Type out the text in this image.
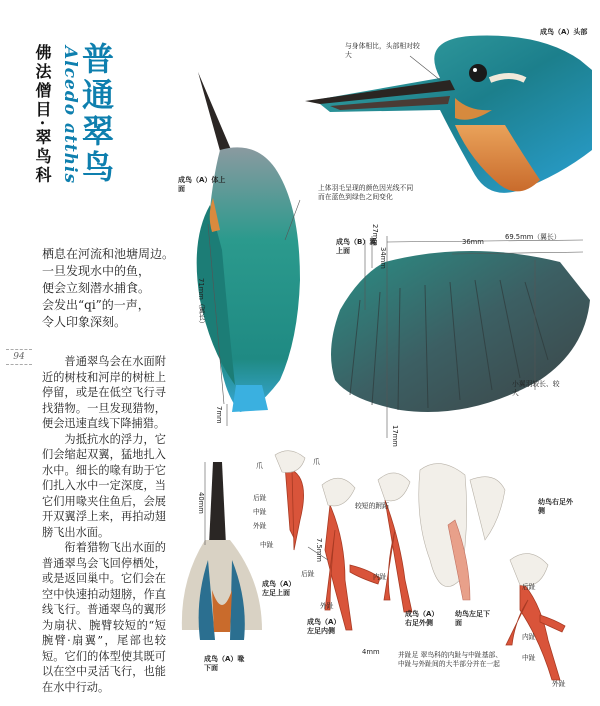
普通翠鸟
Alcedo atthis
佛法僧目·翠鸟科
栖息在河流和池塘周边。
一旦发现水中的鱼，
便会立刻潜水捕食。
会发出“qi”的一声，
令人印象深刻。
94	普通翠鸟会在水面附近的树枝和河岸的树桩上停留，或是在低空飞行寻找猎物。一旦发现猎物，便会迅速直线下降捕猎。

为抵抗水的浮力，它们会缩起双翼，猛地扎入水中。细长的喙有助于它们扎入水中一定深度，当它们用喙夹住鱼后，会展开双翼浮上来，再拍动翅膀飞出水面。

衔着猎物飞出水面的普通翠鸟会飞回停栖处，或是返回巢中。它们会在空中快速拍动翅膀，作直线飞行。普通翠鸟的翼形为扇状、腕臂较短的“短腕臂·扇翼”，尾部也较短。它们的体型使其既可以在空中灵活飞行，也能在水中行动。

成鸟（A）头部
与身体相比，头部相对较大
成鸟（A）体上面	上体羽毛呈现的颜色因光线不同而在蓝色到绿色之间变化
成鸟（B）翼上面
69.5mm（翼长）
36mm
27mm
34mm
71mm（翼长）
7mm
17mm
小翼羽较长、较大
40mm
成鸟（A）喙下面
爪	爪
后趾
中趾
外趾
7.5mm
较短的跗跖
中趾
内趾
后趾
外趾
成鸟（A）左足上面
成鸟（A）左足内侧
4mm
成鸟（A）右足外侧
幼鸟左足下面
并趾足 翠鸟科的内趾与中趾基部、中趾与外趾间的大半部分并在一起
幼鸟右足外侧
后趾
内趾
中趾
外趾
